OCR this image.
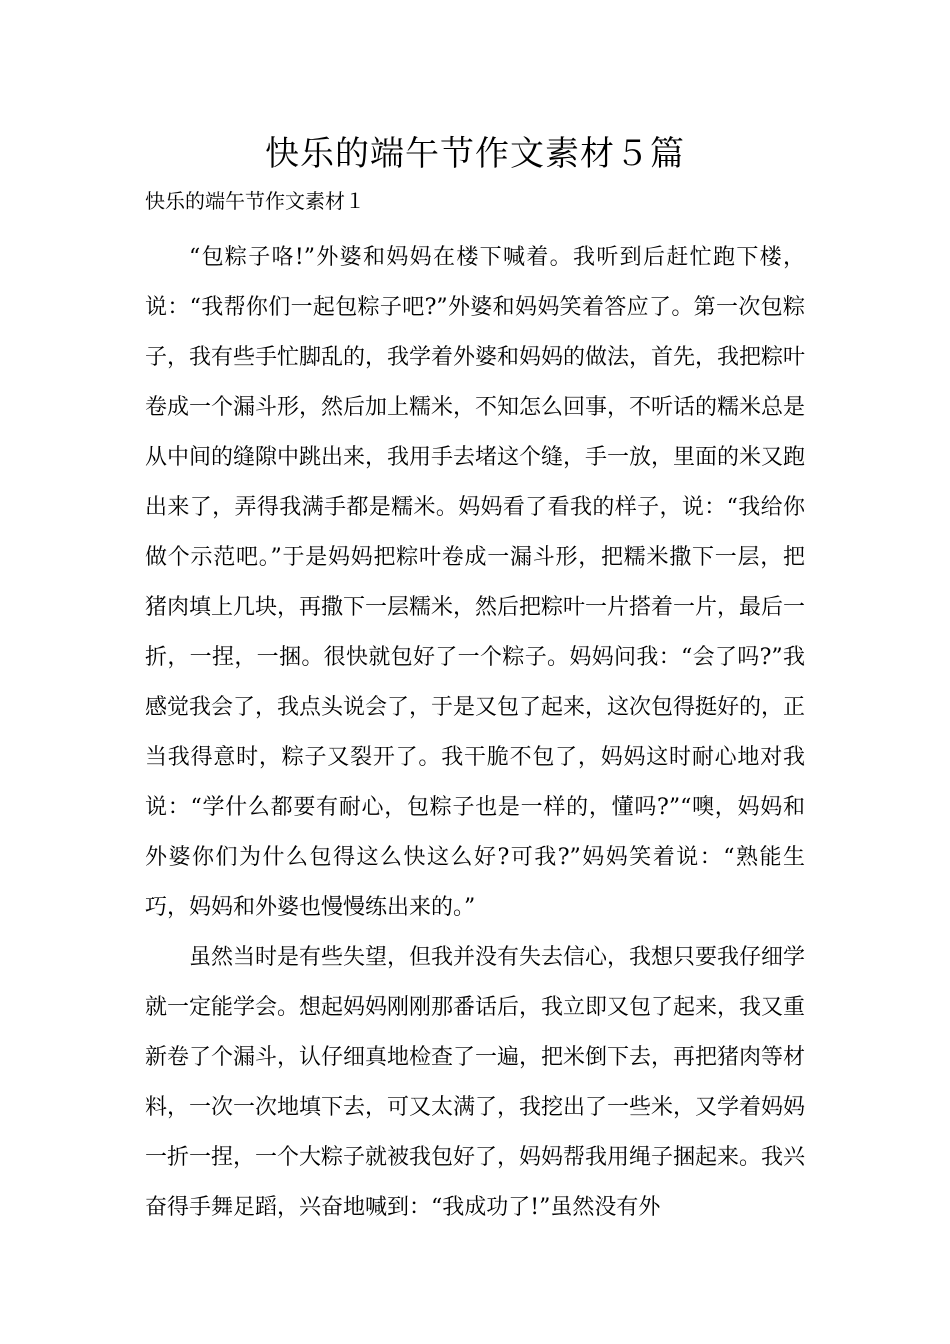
快乐的端午节作文素材５篇
快乐的端午节作文素材１

“包粽子咯!”外婆和妈妈在楼下喊着。我听到后赶忙跑下楼，说：“我帮你们一起包粽子吧?”外婆和妈妈笑着答应了。第一次包粽子，我有些手忙脚乱的，我学着外婆和妈妈的做法，首先，我把粽叶卷成一个漏斗形，然后加上糯米，不知怎么回事，不听话的糯米总是从中间的缝隙中跳出来，我用手去堵这个缝，手一放，里面的米又跑出来了，弄得我满手都是糯米。妈妈看了看我的样子，说：“我给你做个示范吧。”于是妈妈把粽叶卷成一漏斗形，把糯米撒下一层，把猪肉填上几块，再撒下一层糯米，然后把粽叶一片搭着一片，最后一折，一捏，一捆。很快就包好了一个粽子。妈妈问我：“会了吗?”我感觉我会了，我点头说会了，于是又包了起来，这次包得挺好的，正当我得意时，粽子又裂开了。我干脆不包了，妈妈这时耐心地对我说：“学什么都要有耐心，包粽子也是一样的，懂吗?”“噢，妈妈和外婆你们为什么包得这么快这么好?可我?”妈妈笑着说：“熟能生巧，妈妈和外婆也慢慢练出来的。”

虽然当时是有些失望，但我并没有失去信心，我想只要我仔细学就一定能学会。想起妈妈刚刚那番话后，我立即又包了起来，我又重新卷了个漏斗，认仔细真地检查了一遍，把米倒下去，再把猪肉等材料，一次一次地填下去，可又太满了，我挖出了一些米，又学着妈妈一折一捏，一个大粽子就被我包好了，妈妈帮我用绳子捆起来。我兴奋得手舞足蹈，兴奋地喊到：“我成功了!”虽然没有外
